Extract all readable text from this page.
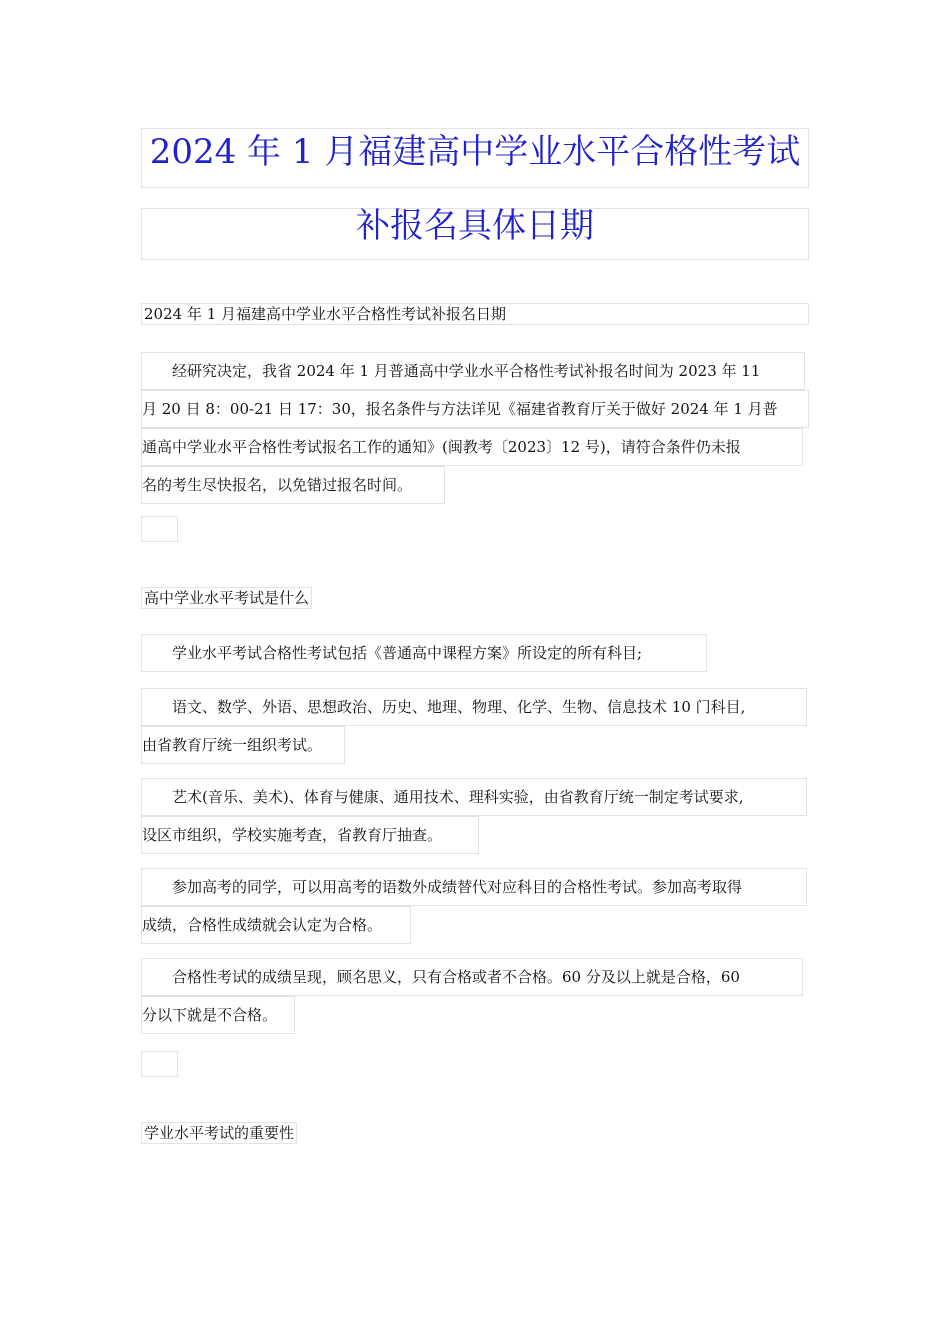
2024 年 1 月福建高中学业水平合格性考试
补报名具体日期
2024 年 1 月福建高中学业水平合格性考试补报名日期
　　经研究决定，我省 2024 年 1 月普通高中学业水平合格性考试补报名时间为 2023 年 11
月 20 日 8：00-21 日 17：30，报名条件与方法详见《福建省教育厅关于做好 2024 年 1 月普
通高中学业水平合格性考试报名工作的通知》(闽教考〔2023〕12 号)，请符合条件仍未报
名的考生尽快报名，以免错过报名时间。
高中学业水平考试是什么
　　学业水平考试合格性考试包括《普通高中课程方案》所设定的所有科目;
　　语文、数学、外语、思想政治、历史、地理、物理、化学、生物、信息技术 10 门科目,
由省教育厅统一组织考试。
　　艺术(音乐、美术)、体育与健康、通用技术、理科实验，由省教育厅统一制定考试要求,
设区市组织，学校实施考查，省教育厅抽查。
　　参加高考的同学，可以用高考的语数外成绩替代对应科目的合格性考试。参加高考取得
成绩，合格性成绩就会认定为合格。
　　合格性考试的成绩呈现，顾名思义，只有合格或者不合格。60 分及以上就是合格，60
分以下就是不合格。
学业水平考试的重要性
